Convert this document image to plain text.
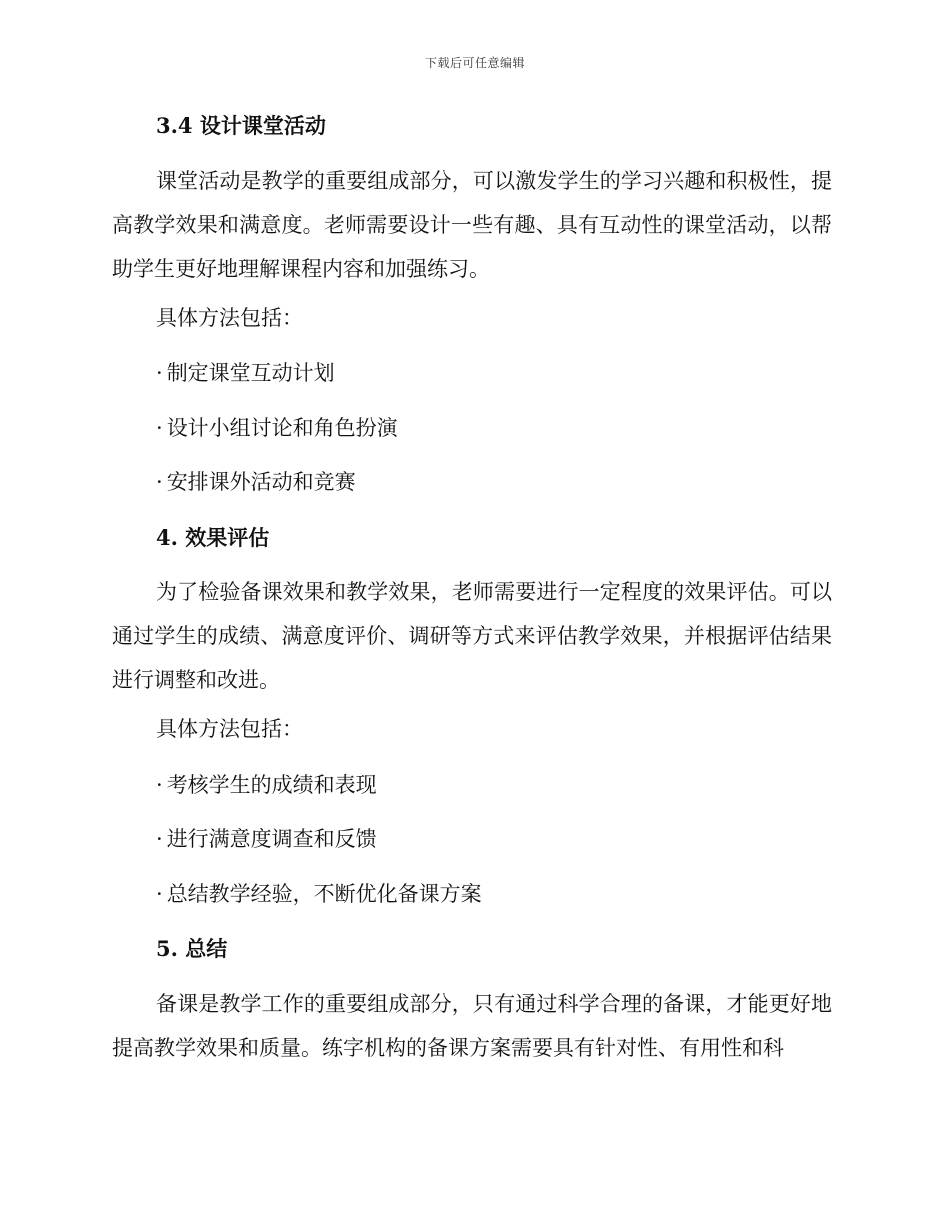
下载后可任意编辑
3.4 设计课堂活动
课堂活动是教学的重要组成部分，可以激发学生的学习兴趣和积极性，提高教学效果和满意度。老师需要设计一些有趣、具有互动性的课堂活动，以帮助学生更好地理解课程内容和加强练习。
具体方法包括：
· 制定课堂互动计划
· 设计小组讨论和角色扮演
· 安排课外活动和竞赛
4. 效果评估
为了检验备课效果和教学效果，老师需要进行一定程度的效果评估。可以通过学生的成绩、满意度评价、调研等方式来评估教学效果，并根据评估结果进行调整和改进。
具体方法包括：
· 考核学生的成绩和表现
· 进行满意度调查和反馈
· 总结教学经验，不断优化备课方案
5. 总结
备课是教学工作的重要组成部分，只有通过科学合理的备课，才能更好地提高教学效果和质量。练字机构的备课方案需要具有针对性、有用性和科
